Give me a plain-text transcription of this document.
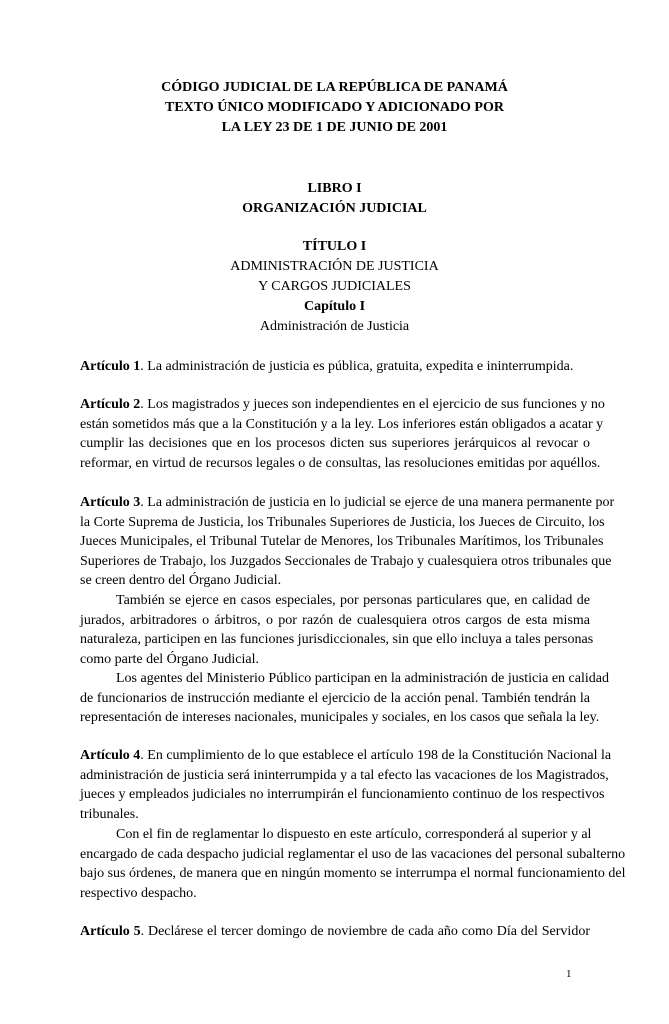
CÓDIGO JUDICIAL DE LA REPÚBLICA DE PANAMÁ
TEXTO ÚNICO MODIFICADO Y ADICIONADO POR
LA LEY 23 DE 1 DE JUNIO DE 2001
LIBRO I
ORGANIZACIÓN JUDICIAL
TÍTULO I
ADMINISTRACIÓN DE JUSTICIA
Y CARGOS JUDICIALES
Capítulo I
Administración de Justicia
Artículo 1. La administración de justicia es pública, gratuita, expedita e ininterrumpida.
Artículo 2. Los magistrados y jueces son independientes en el ejercicio de sus funciones y no
están sometidos más que a la Constitución y a la ley. Los inferiores están obligados a acatar y
cumplir las decisiones que en los procesos dicten sus superiores jerárquicos al revocar o
reformar, en virtud de recursos legales o de consultas, las resoluciones emitidas por aquéllos.
Artículo 3. La administración de justicia en lo judicial se ejerce de una manera permanente por
la Corte Suprema de Justicia, los Tribunales Superiores de Justicia, los Jueces de Circuito, los
Jueces Municipales, el Tribunal Tutelar de Menores, los Tribunales Marítimos, los Tribunales
Superiores de Trabajo, los Juzgados Seccionales de Trabajo y cualesquiera otros tribunales que
se creen dentro del Órgano Judicial.
También se ejerce en casos especiales, por personas particulares que, en calidad de
jurados, arbitradores o árbitros, o por razón de cualesquiera otros cargos de esta misma
naturaleza, participen en las funciones jurisdiccionales, sin que ello incluya a tales personas
como parte del Órgano Judicial.
Los agentes del Ministerio Público participan en la administración de justicia en calidad
de funcionarios de instrucción mediante el ejercicio de la acción penal. También tendrán la
representación de intereses nacionales, municipales y sociales, en los casos que señala la ley.
Artículo 4. En cumplimiento de lo que establece el artículo 198 de la Constitución Nacional la
administración de justicia será ininterrumpida y a tal efecto las vacaciones de los Magistrados,
jueces y empleados judiciales no interrumpirán el funcionamiento continuo de los respectivos
tribunales.
Con el fin de reglamentar lo dispuesto en este artículo, corresponderá al superior y al
encargado de cada despacho judicial reglamentar el uso de las vacaciones del personal subalterno
bajo sus órdenes, de manera que en ningún momento se interrumpa el normal funcionamiento del
respectivo despacho.
Artículo 5. Declárese el tercer domingo de noviembre de cada año como Día del Servidor
1
